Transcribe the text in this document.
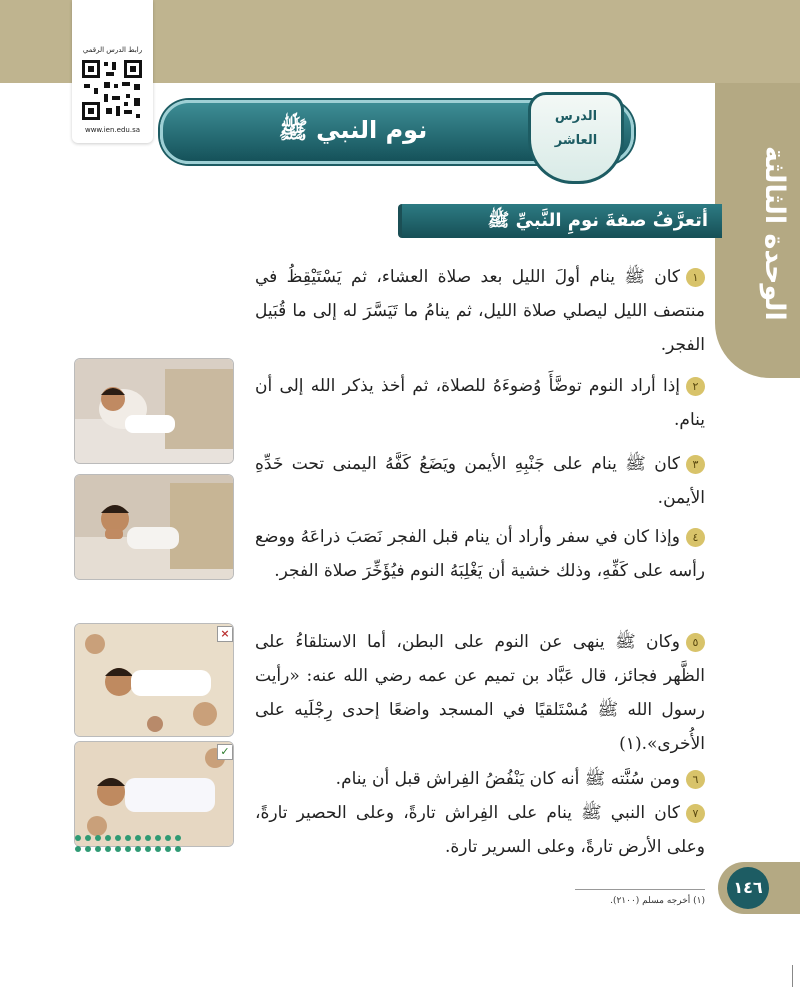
الوحدة الثالثة
رابط الدرس الرقمي
www.ien.edu.sa	نوم النبي ﷺ	الدرس
العاشر
أتعرَّفُ صفةَ نومِ النَّبيِّ ﷺ
١كان ﷺ ينام أولَ الليل بعد صلاة العشاء، ثم يَسْتَيْقِظُ في منتصف الليل ليصلي صلاة الليل، ثم ينامُ ما تَيَسَّرَ له إلى ما قُبَيل الفجر.
٢إذا أراد النوم توضَّأَ وُضوءَهُ للصلاة، ثم أخذ يذكر الله إلى أن ينام.
٣كان ﷺ ينام على جَنْبِهِ الأيمن ويَضَعُ كَفَّهُ اليمنى تحت خَدِّهِ الأيمن.
٤وإذا كان في سفر وأراد أن ينام قبل الفجر نَصَبَ ذراعَهُ ووضع رأسه على كَفِّهِ، وذلك خشية أن يَغْلِبَهُ النوم فيُؤَخِّرَ صلاة الفجر.
٥وكان ﷺ ينهى عن النوم على البطن، أما الاستلقاءُ على الظَّهر فجائز، قال عَبَّاد بن تميم عن عمه رضي الله عنه: «رأيت رسول الله ﷺ مُسْتَلقيًا في المسجد واضعًا إحدى رِجْلَيه على الأُخرى».(١)
٦ومن سُنَّته ﷺ أنه كان يَنْفُضُ الفِراش قبل أن ينام.
٧كان النبي ﷺ ينام على الفِراش تارةً، وعلى الحصير تارةً، وعلى الأرض تارةً، وعلى السرير تارة.
×
✓
(١) أخرجه مسلم (٢١٠٠).
١٤٦
